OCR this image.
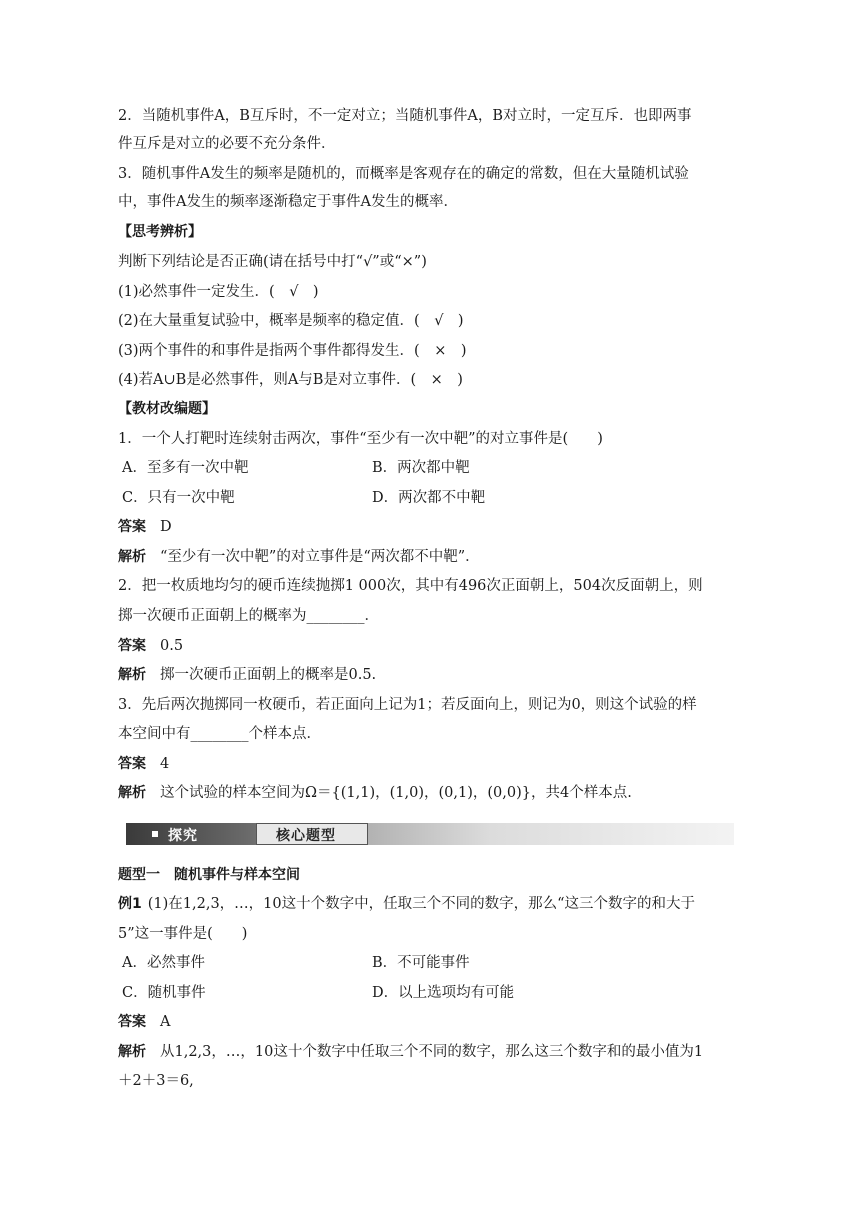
2．当随机事件A，B互斥时，不一定对立；当随机事件A，B对立时，一定互斥．也即两事
件互斥是对立的必要不充分条件．
3．随机事件A发生的频率是随机的，而概率是客观存在的确定的常数，但在大量随机试验
中，事件A发生的频率逐渐稳定于事件A发生的概率．
【思考辨析】
判断下列结论是否正确(请在括号中打“√”或“×”)
(1)必然事件一定发生．(　√　)
(2)在大量重复试验中，概率是频率的稳定值．(　√　)
(3)两个事件的和事件是指两个事件都得发生．(　×　)
(4)若A∪B是必然事件，则A与B是对立事件．(　×　)
【教材改编题】
1．一个人打靶时连续射击两次，事件“至少有一次中靶”的对立事件是(　　)
A．至多有一次中靶	B．两次都中靶
C．只有一次中靶	D．两次都不中靶
答案 D
解析 “至少有一次中靶”的对立事件是“两次都不中靶”．
2．把一枚质地均匀的硬币连续抛掷1 000次，其中有496次正面朝上，504次反面朝上，则
掷一次硬币正面朝上的概率为________．
答案 0.5
解析 掷一次硬币正面朝上的概率是0.5.
3．先后两次抛掷同一枚硬币，若正面向上记为1；若反面向上，则记为0，则这个试验的样
本空间中有________个样本点．
答案 4
解析 这个试验的样本空间为Ω＝{(1,1)，(1,0)，(0,1)，(0,0)}，共4个样本点.
探究	核心题型
题型一　随机事件与样本空间
例1 (1)在1,2,3，…，10这十个数字中，任取三个不同的数字，那么“这三个数字的和大于
5”这一事件是(　　)
A．必然事件	B．不可能事件
C．随机事件	D．以上选项均有可能
答案 A
解析 从1,2,3，…，10这十个数字中任取三个不同的数字，那么这三个数字和的最小值为1
＋2＋3＝6,
